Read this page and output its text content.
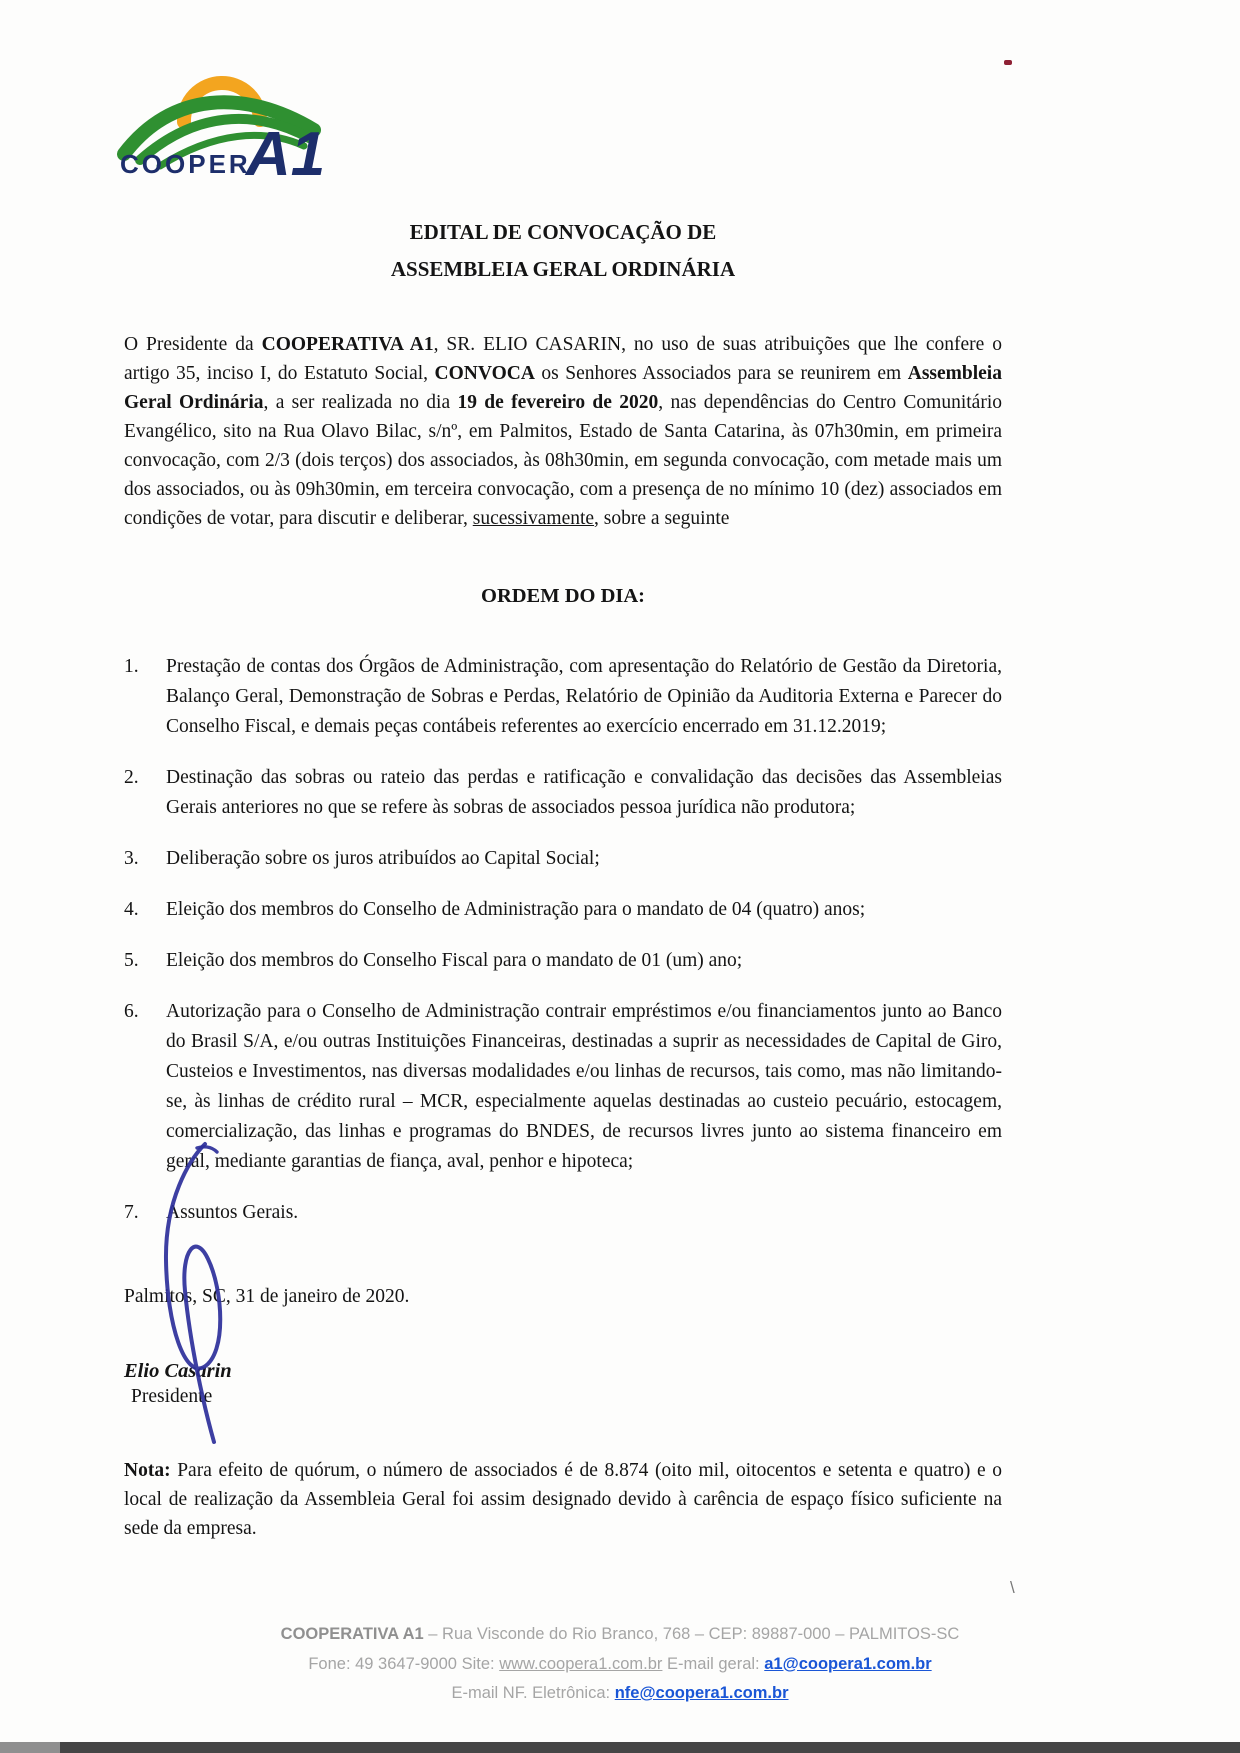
COOPER
A1
EDITAL DE CONVOCAÇÃO DE
ASSEMBLEIA GERAL ORDINÁRIA

O Presidente da COOPERATIVA A1, SR. ELIO CASARIN, no uso de suas atribuições que lhe confere o artigo 35, inciso I, do Estatuto Social, CONVOCA os Senhores Associados para se reunirem em Assembleia Geral Ordinária, a ser realizada no dia 19 de fevereiro de 2020, nas dependências do Centro Comunitário Evangélico, sito na Rua Olavo Bilac, s/nº, em Palmitos, Estado de Santa Catarina, às 07h30min, em primeira convocação, com 2/3 (dois terços) dos associados, às 08h30min, em segunda convocação, com metade mais um dos associados, ou às 09h30min, em terceira convocação, com a presença de no mínimo 10 (dez) associados em condições de votar, para discutir e deliberar, sucessivamente, sobre a seguinte

ORDEM DO DIA:
1.	Prestação de contas dos Órgãos de Administração, com apresentação do Relatório de Gestão da Diretoria, Balanço Geral, Demonstração de Sobras e Perdas, Relatório de Opinião da Auditoria Externa e Parecer do Conselho Fiscal, e demais peças contábeis referentes ao exercício encerrado em 31.12.2019;
2.	Destinação das sobras ou rateio das perdas e ratificação e convalidação das decisões das Assembleias Gerais anteriores no que se refere às sobras de associados pessoa jurídica não produtora;
3.	Deliberação sobre os juros atribuídos ao Capital Social;
4.	Eleição dos membros do Conselho de Administração para o mandato de 04 (quatro) anos;
5.	Eleição dos membros do Conselho Fiscal para o mandato de 01 (um) ano;
6.	Autorização para o Conselho de Administração contrair empréstimos e/ou financiamentos junto ao Banco do Brasil S/A, e/ou outras Instituições Financeiras, destinadas a suprir as necessidades de Capital de Giro, Custeios e Investimentos, nas diversas modalidades e/ou linhas de recursos, tais como, mas não limitando-se, às linhas de crédito rural – MCR, especialmente aquelas destinadas ao custeio pecuário, estocagem, comercialização, das linhas e programas do BNDES, de recursos livres junto ao sistema financeiro em geral, mediante garantias de fiança, aval, penhor e hipoteca;
7.	Assuntos Gerais.
Palmitos, SC, 31 de janeiro de 2020.
Elio Casarin
Presidente

Nota: Para efeito de quórum, o número de associados é de 8.874 (oito mil, oitocentos e setenta e quatro) e o local de realização da Assembleia Geral foi assim designado devido à carência de espaço físico suficiente na sede da empresa.

COOPERATIVA A1 – Rua Visconde do Rio Branco, 768 – CEP: 89887-000 – PALMITOS-SC
Fone: 49 3647-9000 Site: www.coopera1.com.br E-mail geral: a1@coopera1.com.br
E-mail NF. Eletrônica: nfe@coopera1.com.br
\
